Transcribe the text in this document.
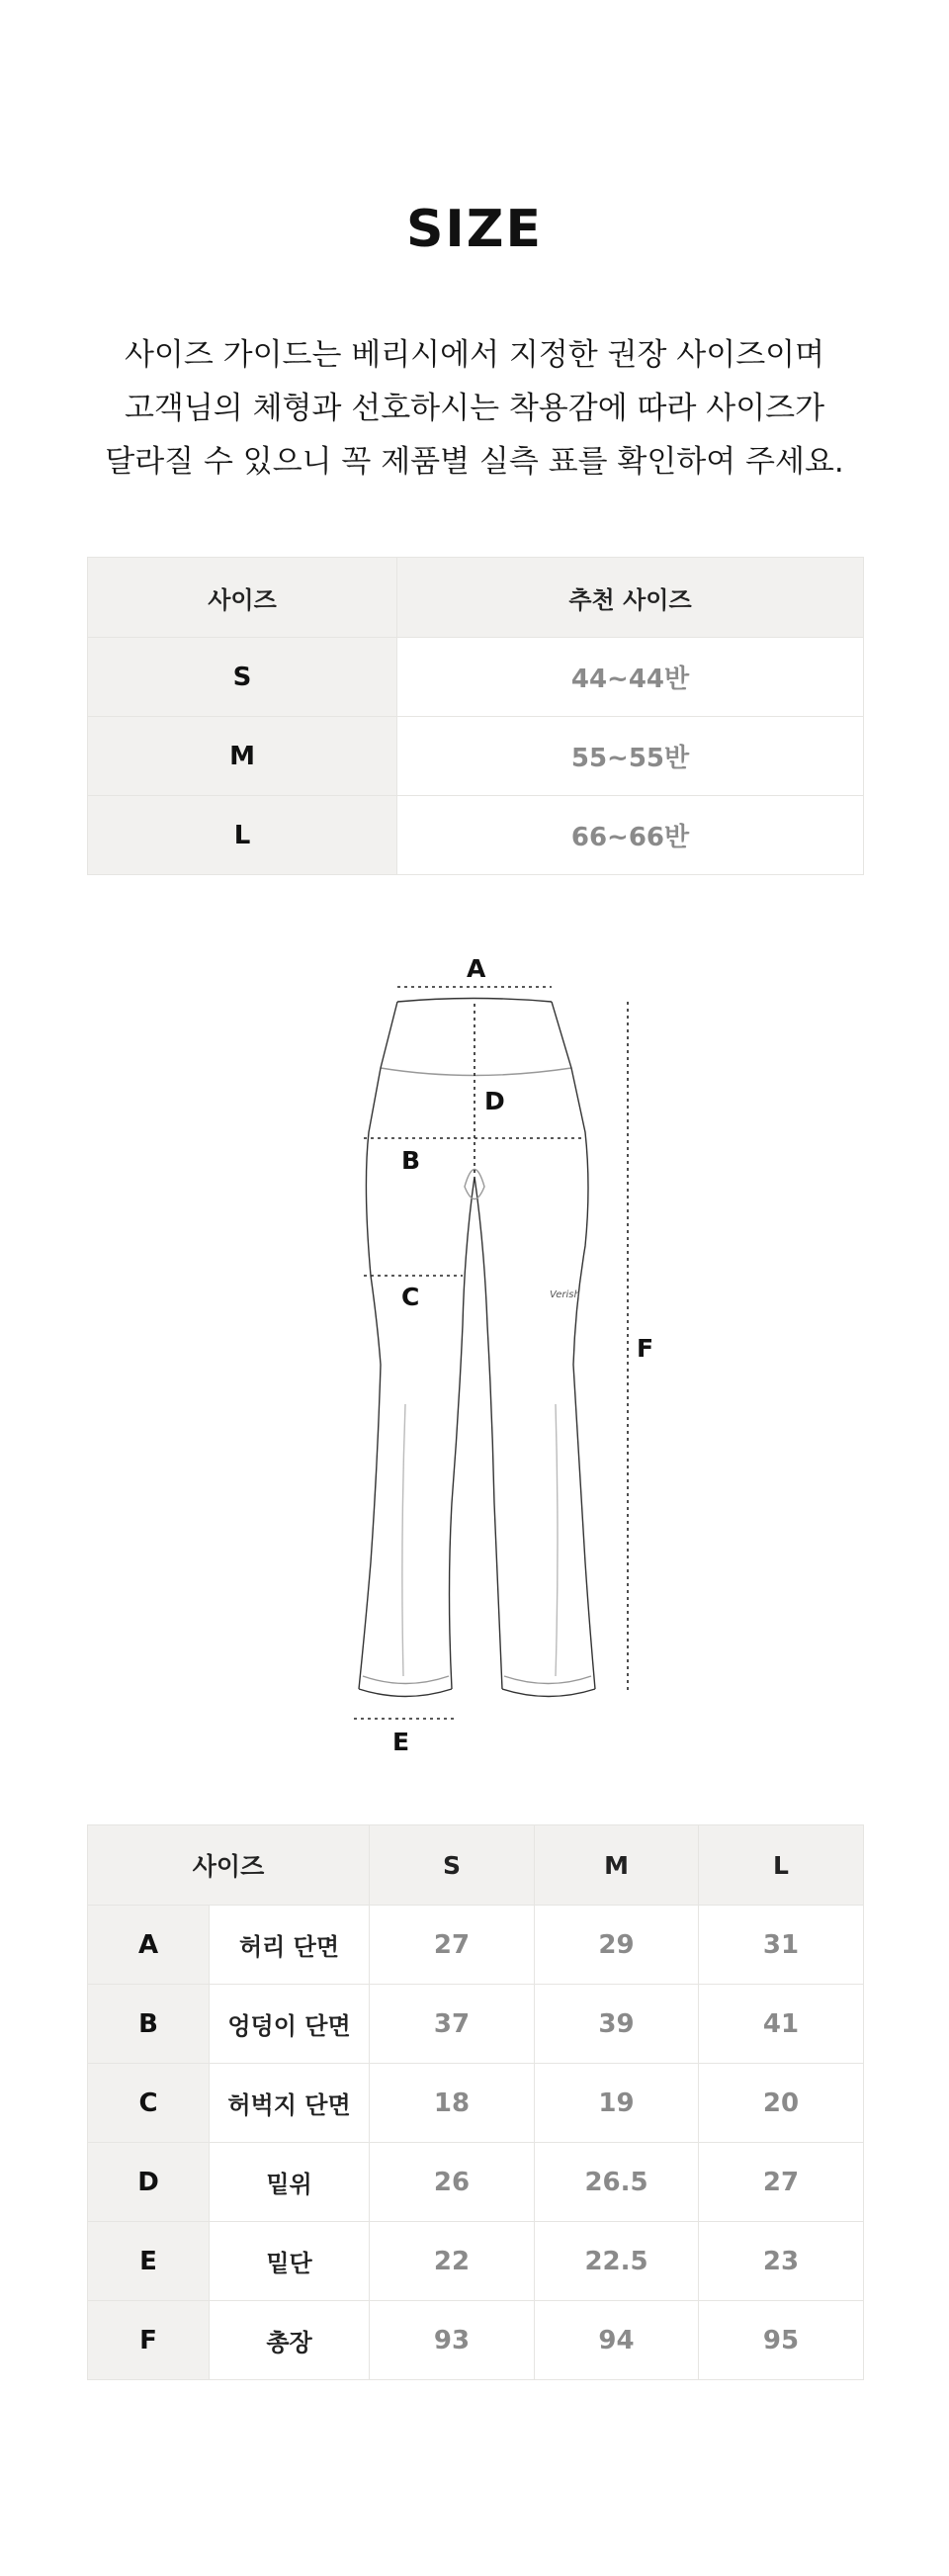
SIZE
사이즈 가이드는 베리시에서 지정한 권장 사이즈이며
고객님의 체형과 선호하시는 착용감에 따라 사이즈가
달라질 수 있으니 꼭 제품별 실측 표를 확인하여 주세요.
사이즈	추천 사이즈
S	44~44반
M	55~55반
L	66~66반
A
D
B
C
F
E
Verish
사이즈		S	M	L
A	허리 단면	27	29	31
B	엉덩이 단면	37	39	41
C	허벅지 단면	18	19	20
D	밑위	26	26.5	27
E	밑단	22	22.5	23
F	총장	93	94	95
